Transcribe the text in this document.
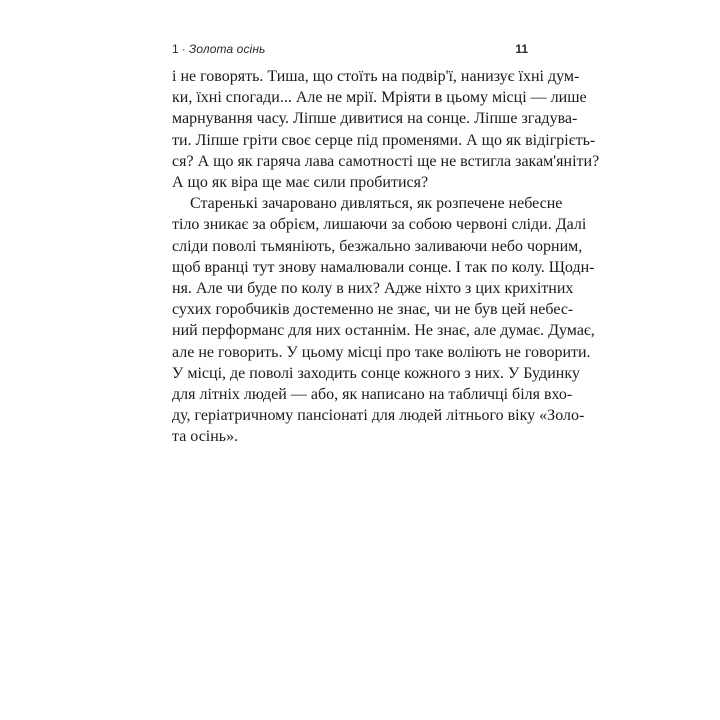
1 · Золота осінь	11

і не говорять. Тиша, що стоїть на подвір'ї, нанизує їхні дум-
ки, їхні спогади... Але не мрії. Мріяти в цьому місці — лише
марнування часу. Ліпше дивитися на сонце. Ліпше згадува-
ти. Ліпше гріти своє серце під променями. А що як відігрієть-
ся? А що як гаряча лава самотності ще не встигла закам'яніти?
А що як віра ще має сили пробитися?

Старенькі зачаровано дивляться, як розпечене небесне
тіло зникає за обрієм, лишаючи за собою червоні сліди. Далі
сліди поволі тьмяніють, безжально заливаючи небо чорним,
щоб вранці тут знову намалювали сонце. І так по колу. Щодн-
ня. Але чи буде по колу в них? Адже ніхто з цих крихітних
сухих горобчиків достеменно не знає, чи не був цей небес-
ний перформанс для них останнім. Не знає, але думає. Думає,
але не говорить. У цьому місці про таке воліють не говорити.
У місці, де поволі заходить сонце кожного з них. У Будинку
для літніх людей — або, як написано на табличці біля вхо-
ду, геріатричному пансіонаті для людей літнього віку «Золо-
та осінь».
